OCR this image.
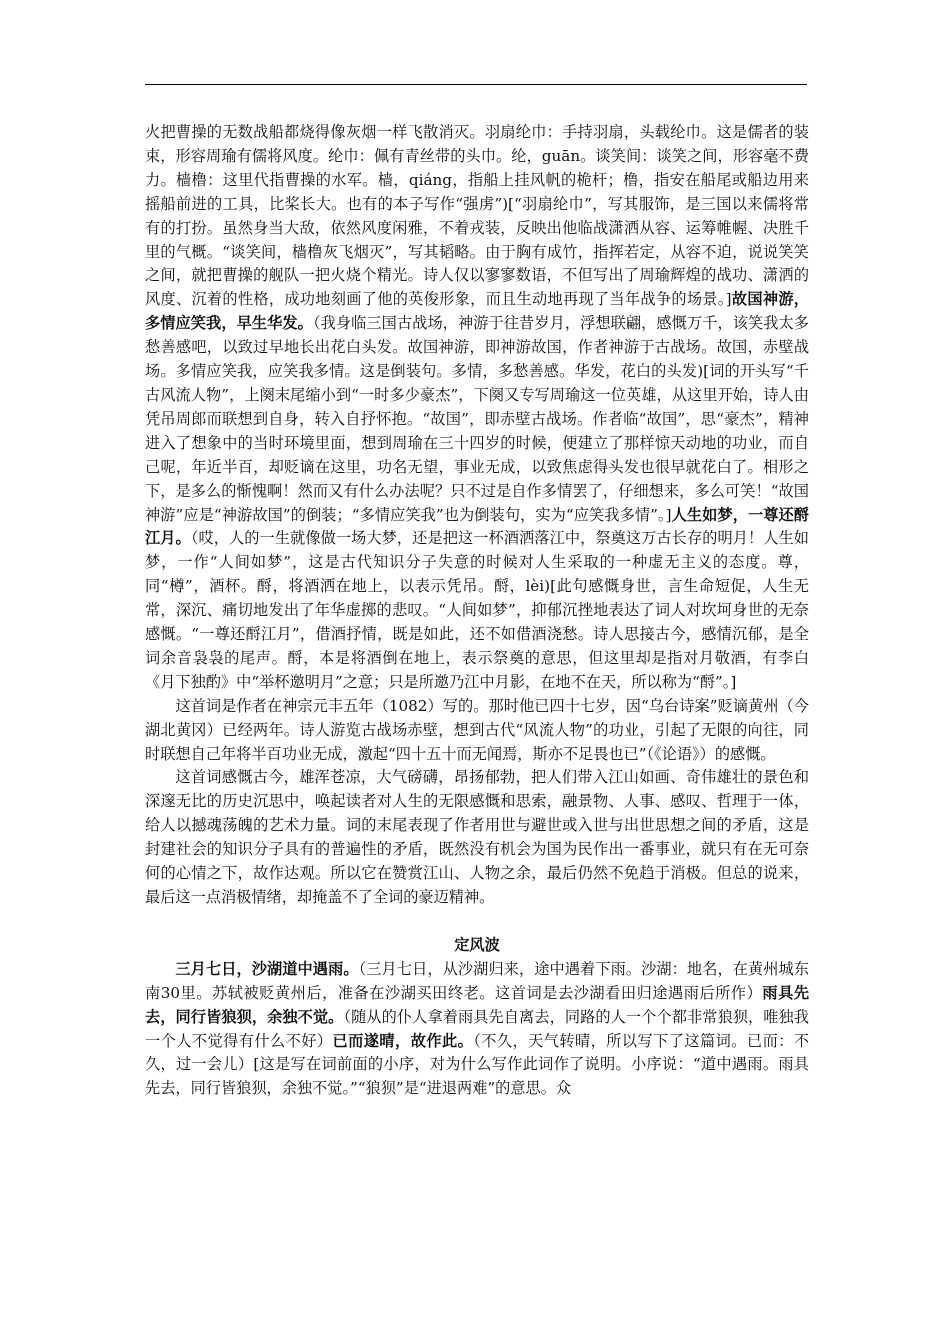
火把曹操的无数战船都烧得像灰烟一样飞散消灭。羽扇纶巾：手持羽扇，头载纶巾。这是儒者的装束，形容周瑜有儒将风度。纶巾：佩有青丝带的头巾。纶，guān。谈笑间：谈笑之间，形容毫不费力。樯橹：这里代指曹操的水军。樯，qiáng，指船上挂风帆的桅杆；橹，指安在船尾或船边用来摇船前进的工具，比桨长大。也有的本子写作“强虏”)[“羽扇纶巾”，写其服饰，是三国以来儒将常有的打扮。虽然身当大敌，依然风度闲雅，不着戎装，反映出他临战潇洒从容、运筹帷幄、决胜千里的气概。“谈笑间，樯橹灰飞烟灭”，写其韬略。由于胸有成竹，指挥若定，从容不迫，说说笑笑之间，就把曹操的舰队一把火烧个精光。诗人仅以寥寥数语，不但写出了周瑜辉煌的战功、潇洒的风度、沉着的性格，成功地刻画了他的英俊形象，而且生动地再现了当年战争的场景。]故国神游，多情应笑我，早生华发。（我身临三国古战场，神游于往昔岁月，浮想联翩，感慨万千，该笑我太多愁善感吧，以致过早地长出花白头发。故国神游，即神游故国，作者神游于古战场。故国，赤壁战场。多情应笑我，应笑我多情。这是倒装句。多情，多愁善感。华发，花白的头发)[词的开头写“千古风流人物”，上阕末尾缩小到“一时多少豪杰”，下阕又专写周瑜这一位英雄，从这里开始，诗人由凭吊周郎而联想到自身，转入自抒怀抱。“故国”，即赤壁古战场。作者临“故国”，思“豪杰”，精神进入了想象中的当时环境里面，想到周瑜在三十四岁的时候，便建立了那样惊天动地的功业，而自己呢，年近半百，却贬谪在这里，功名无望，事业无成，以致焦虑得头发也很早就花白了。相形之下，是多么的惭愧啊！然而又有什么办法呢？只不过是自作多情罢了，仔细想来，多么可笑！“故国神游”应是“神游故国”的倒装；“多情应笑我”也为倒装句，实为“应笑我多情”。]人生如梦，一尊还酹江月。（哎，人的一生就像做一场大梦，还是把这一杯酒洒落江中，祭奠这万古长存的明月！人生如梦，一作“人间如梦”，这是古代知识分子失意的时候对人生采取的一种虚无主义的态度。尊，同“樽”，酒杯。酹，将酒洒在地上，以表示凭吊。酹，lèi)[此句感慨身世，言生命短促，人生无常，深沉、痛切地发出了年华虚掷的悲叹。“人间如梦”，抑郁沉挫地表达了词人对坎坷身世的无奈感慨。“一尊还酹江月”，借酒抒情，既是如此，还不如借酒浇愁。诗人思接古今，感情沉郁，是全词余音袅袅的尾声。酹，本是将酒倒在地上，表示祭奠的意思，但这里却是指对月敬酒，有李白《月下独酌》中“举杯邀明月”之意；只是所邀乃江中月影，在地不在天，所以称为“酹”。]

这首词是作者在神宗元丰五年（1082）写的。那时他已四十七岁，因“乌台诗案”贬谪黄州（今湖北黄冈）已经两年。诗人游览古战场赤壁，想到古代“风流人物”的功业，引起了无限的向往，同时联想自己年将半百功业无成，激起“四十五十而无闻焉，斯亦不足畏也已”（《论语》）的感慨。

这首词感慨古今，雄浑苍凉，大气磅礴，昂扬郁勃，把人们带入江山如画、奇伟雄壮的景色和深邃无比的历史沉思中，唤起读者对人生的无限感慨和思索，融景物、人事、感叹、哲理于一体，给人以撼魂荡魄的艺术力量。词的末尾表现了作者用世与避世或入世与出世思想之间的矛盾，这是封建社会的知识分子具有的普遍性的矛盾，既然没有机会为国为民作出一番事业，就只有在无可奈何的心情之下，故作达观。所以它在赞赏江山、人物之余，最后仍然不免趋于消极。但总的说来，最后这一点消极情绪，却掩盖不了全词的豪迈精神。

定风波

三月七日，沙湖道中遇雨。（三月七日，从沙湖归来，途中遇着下雨。沙湖：地名，在黄州城东南30里。苏轼被贬黄州后，准备在沙湖买田终老。这首词是去沙湖看田归途遇雨后所作）雨具先去，同行皆狼狈，余独不觉。（随从的仆人拿着雨具先自离去，同路的人一个个都非常狼狈，唯独我一个人不觉得有什么不好）已而遂晴，故作此。（不久，天气转晴，所以写下了这篇词。已而：不久，过一会儿）[这是写在词前面的小序，对为什么写作此词作了说明。小序说：“道中遇雨。雨具先去，同行皆狼狈，余独不觉。”“狼狈”是“进退两难”的意思。众
